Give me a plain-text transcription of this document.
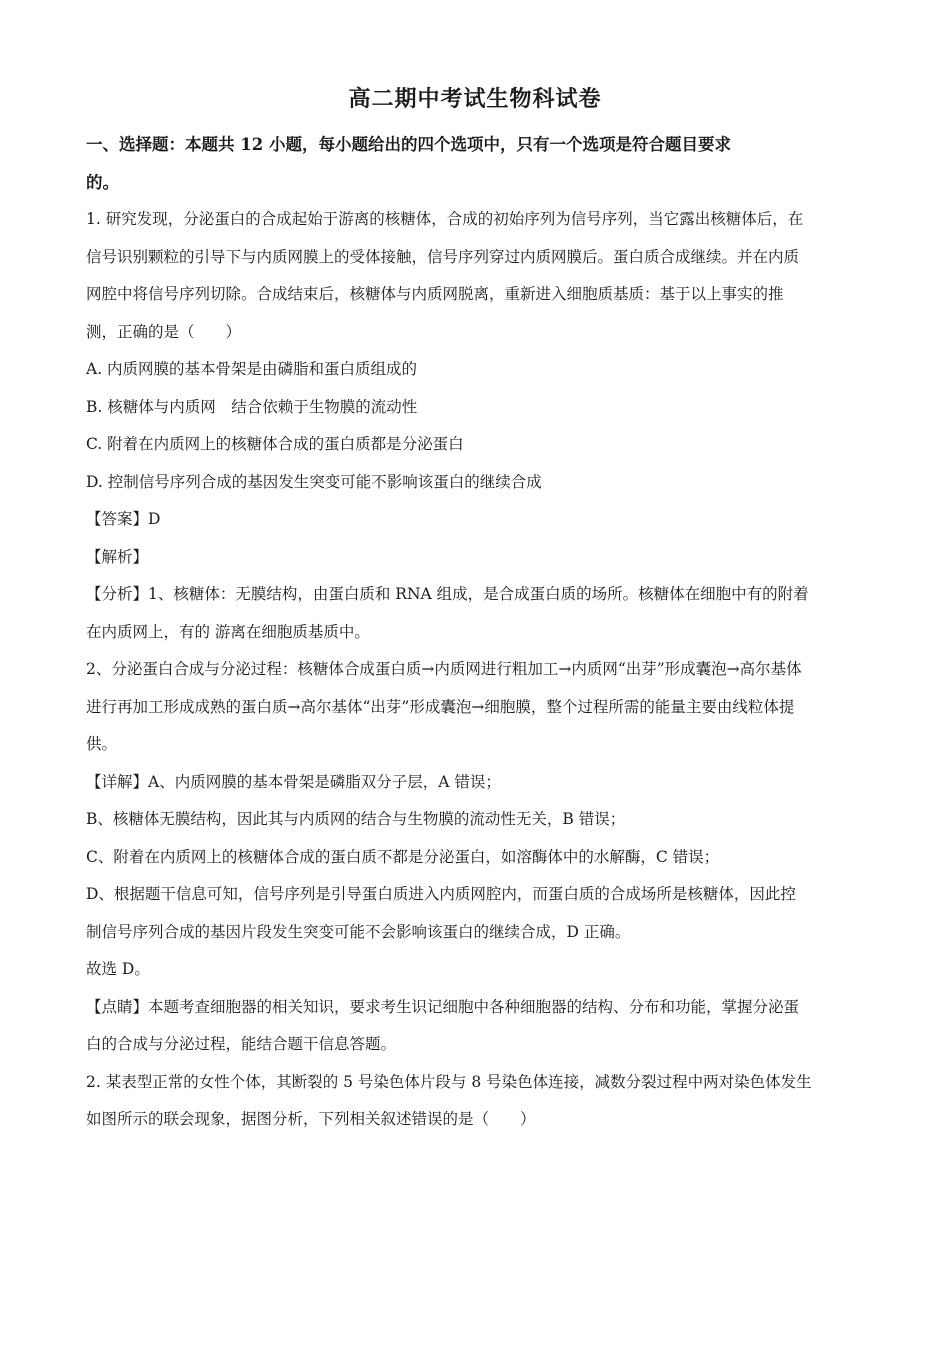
高二期中考试生物科试卷
一、选择题：本题共 12 小题，每小题给出的四个选项中，只有一个选项是符合题目要求
的。
1. 研究发现，分泌蛋白的合成起始于游离的核糖体，合成的初始序列为信号序列，当它露出核糖体后，在
信号识别颗粒的引导下与内质网膜上的受体接触，信号序列穿过内质网膜后。蛋白质合成继续。并在内质
网腔中将信号序列切除。合成结束后，核糖体与内质网脱离，重新进入细胞质基质：基于以上事实的推
测，正确的是（　　）
A. 内质网膜的基本骨架是由磷脂和蛋白质组成的
B. 核糖体与内质网　结合依赖于生物膜的流动性
C. 附着在内质网上的核糖体合成的蛋白质都是分泌蛋白
D. 控制信号序列合成的基因发生突变可能不影响该蛋白的继续合成
【答案】D
【解析】
【分析】1、核糖体：无膜结构，由蛋白质和 RNA 组成，是合成蛋白质的场所。核糖体在细胞中有的附着
在内质网上，有的 游离在细胞质基质中。
2、分泌蛋白合成与分泌过程：核糖体合成蛋白质→内质网进行粗加工→内质网“出芽”形成囊泡→高尔基体
进行再加工形成成熟的蛋白质→高尔基体“出芽”形成囊泡→细胞膜，整个过程所需的能量主要由线粒体提
供。
【详解】A、内质网膜的基本骨架是磷脂双分子层，A 错误；
B、核糖体无膜结构，因此其与内质网的结合与生物膜的流动性无关，B 错误；
C、附着在内质网上的核糖体合成的蛋白质不都是分泌蛋白，如溶酶体中的水解酶，C 错误；
D、根据题干信息可知，信号序列是引导蛋白质进入内质网腔内，而蛋白质的合成场所是核糖体，因此控
制信号序列合成的基因片段发生突变可能不会影响该蛋白的继续合成，D 正确。
故选 D。
【点睛】本题考查细胞器的相关知识，要求考生识记细胞中各种细胞器的结构、分布和功能，掌握分泌蛋
白的合成与分泌过程，能结合题干信息答题。
2. 某表型正常的女性个体，其断裂的 5 号染色体片段与 8 号染色体连接，减数分裂过程中两对染色体发生
如图所示的联会现象，据图分析，下列相关叙述错误的是（　　）
